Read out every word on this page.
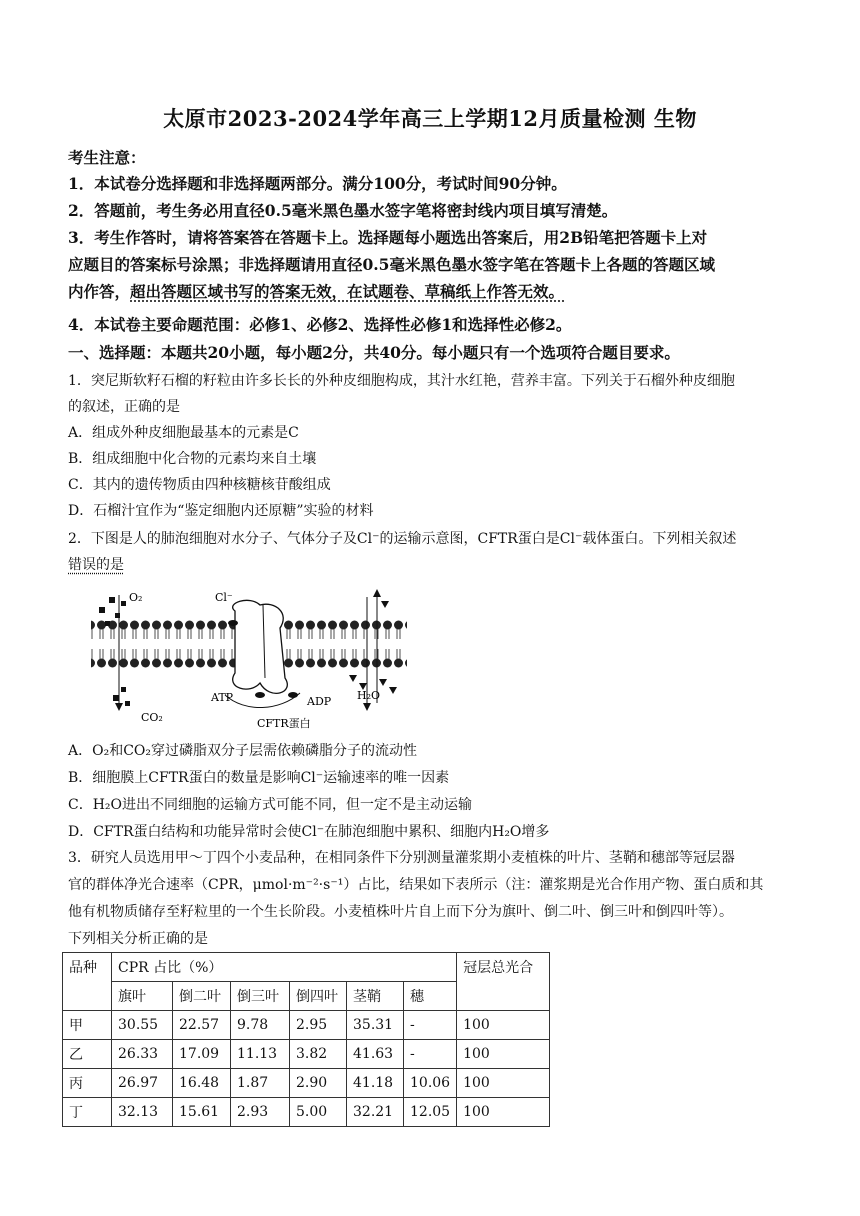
太原市2023-2024学年高三上学期12月质量检测 生物
考生注意：
1．本试卷分选择题和非选择题两部分。满分100分，考试时间90分钟。
2．答题前，考生务必用直径0.5毫米黑色墨水签字笔将密封线内项目填写清楚。
3．考生作答时，请将答案答在答题卡上。选择题每小题选出答案后，用2B铅笔把答题卡上对
应题目的答案标号涂黑；非选择题请用直径0.5毫米黑色墨水签字笔在答题卡上各题的答题区域
内作答，超出答题区域书写的答案无效，在试题卷、草稿纸上作答无效。
4．本试卷主要命题范围：必修1、必修2、选择性必修1和选择性必修2。
一、选择题：本题共20小题，每小题2分，共40分。每小题只有一个选项符合题目要求。
1．突尼斯软籽石榴的籽粒由许多长长的外种皮细胞构成，其汁水红艳，营养丰富。下列关于石榴外种皮细胞
的叙述，正确的是
A．组成外种皮细胞最基本的元素是C
B．组成细胞中化合物的元素均来自土壤
C．其内的遗传物质由四种核糖核苷酸组成
D．石榴汁宜作为“鉴定细胞内还原糖”实验的材料
2．下图是人的肺泡细胞对水分子、气体分子及Cl⁻的运输示意图，CFTR蛋白是Cl⁻载体蛋白。下列相关叙述
错误的是
O₂	Cl⁻
ATP	ADP H₂O
CO₂	CFTR蛋白
A．O₂和CO₂穿过磷脂双分子层需依赖磷脂分子的流动性
B．细胞膜上CFTR蛋白的数量是影响Cl⁻运输速率的唯一因素
C．H₂O进出不同细胞的运输方式可能不同，但一定不是主动运输
D．CFTR蛋白结构和功能异常时会使Cl⁻在肺泡细胞中累积、细胞内H₂O增多
3．研究人员选用甲～丁四个小麦品种，在相同条件下分别测量灌浆期小麦植株的叶片、茎鞘和穗部等冠层器
官的群体净光合速率（CPR，μmol·m⁻²·s⁻¹）占比，结果如下表所示（注：灌浆期是光合作用产物、蛋白质和其
他有机物质储存至籽粒里的一个生长阶段。小麦植株叶片自上而下分为旗叶、倒二叶、倒三叶和倒四叶等）。
下列相关分析正确的是
品种	CPR 占比（%）						冠层总光合
	旗叶	倒二叶	倒三叶	倒四叶	茎鞘	穗	
甲	30.55	22.57	9.78	2.95	35.31	-	100
乙	26.33	17.09	11.13	3.82	41.63	-	100
丙	26.97	16.48	1.87	2.90	41.18	10.06	100
丁	32.13	15.61	2.93	5.00	32.21	12.05	100
